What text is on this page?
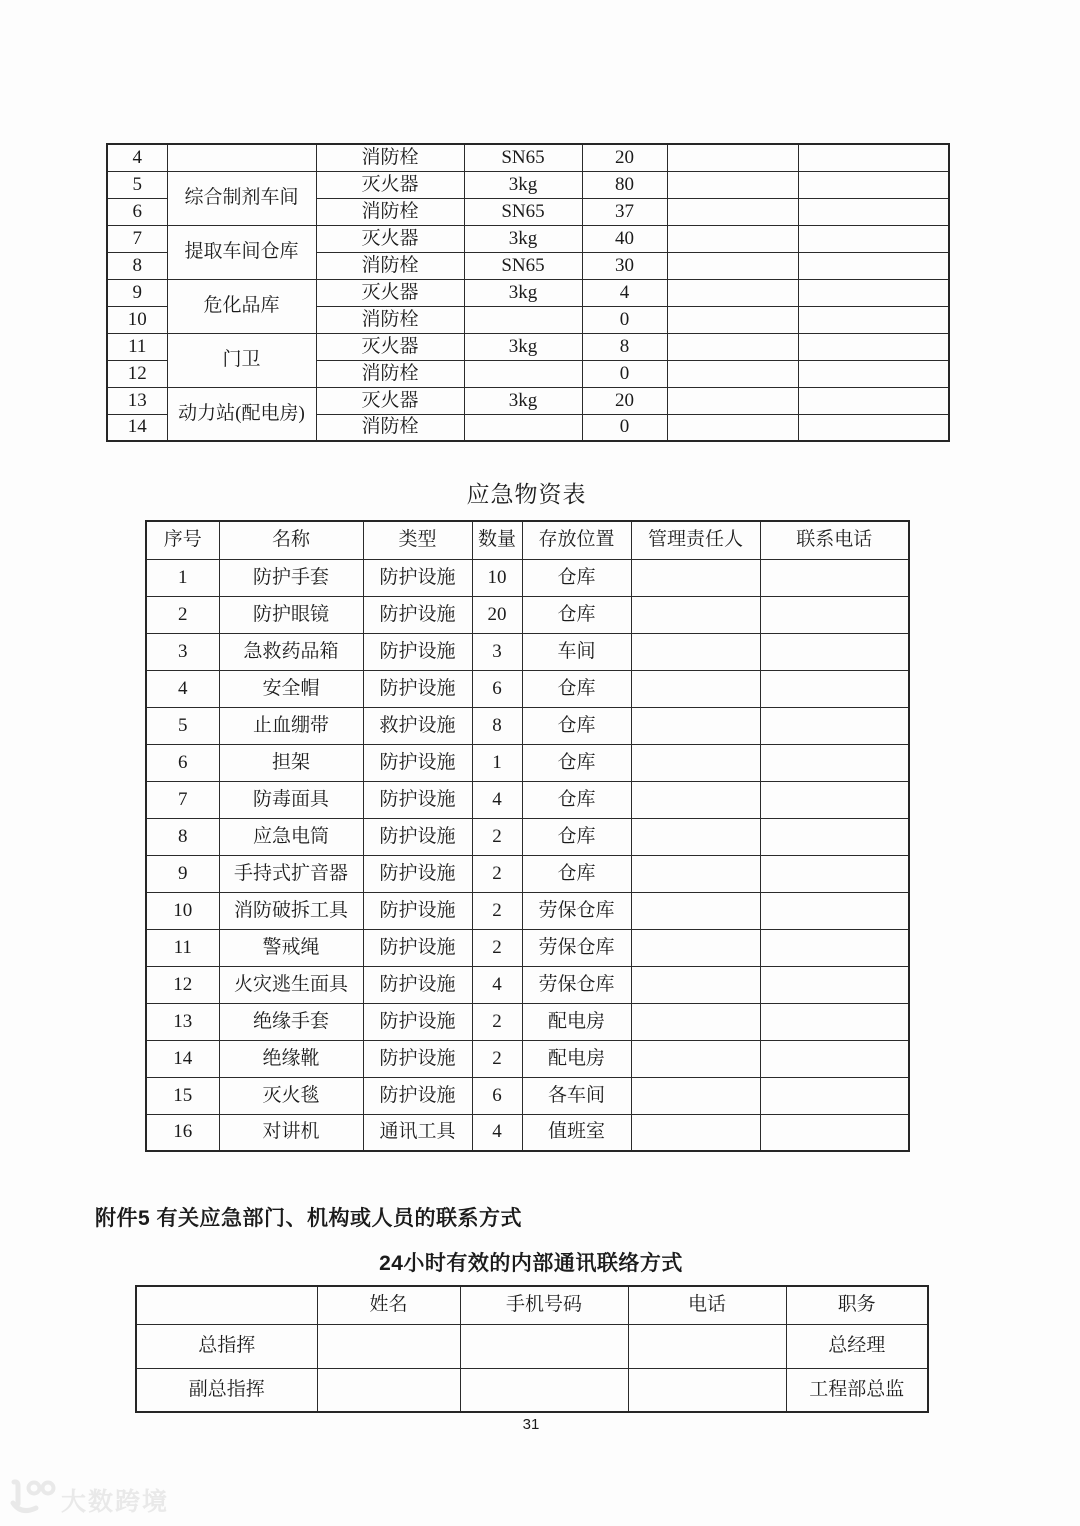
4		消防栓	SN65	20		
5	综合制剂车间	灭火器	3kg	80		
6		消防栓	SN65	37		
7	提取车间仓库	灭火器	3kg	40		
8		消防栓	SN65	30		
9	危化品库	灭火器	3kg	4		
10		消防栓		0		
11	门卫	灭火器	3kg	8		
12		消防栓		0		
13	动力站(配电房)	灭火器	3kg	20		
14		消防栓		0		
应急物资表
序号	名称	类型	数量	存放位置	管理责任人	联系电话
1	防护手套	防护设施	10	仓库		
2	防护眼镜	防护设施	20	仓库		
3	急救药品箱	防护设施	3	车间		
4	安全帽	防护设施	6	仓库		
5	止血绷带	救护设施	8	仓库		
6	担架	防护设施	1	仓库		
7	防毒面具	防护设施	4	仓库		
8	应急电筒	防护设施	2	仓库		
9	手持式扩音器	防护设施	2	仓库		
10	消防破拆工具	防护设施	2	劳保仓库		
11	警戒绳	防护设施	2	劳保仓库		
12	火灾逃生面具	防护设施	4	劳保仓库		
13	绝缘手套	防护设施	2	配电房		
14	绝缘靴	防护设施	2	配电房		
15	灭火毯	防护设施	6	各车间		
16	对讲机	通讯工具	4	值班室		
附件5 有关应急部门、机构或人员的联系方式
24小时有效的内部通讯联络方式
	姓名	手机号码	电话	职务
总指挥				总经理
副总指挥				工程部总监
31
大数跨境
